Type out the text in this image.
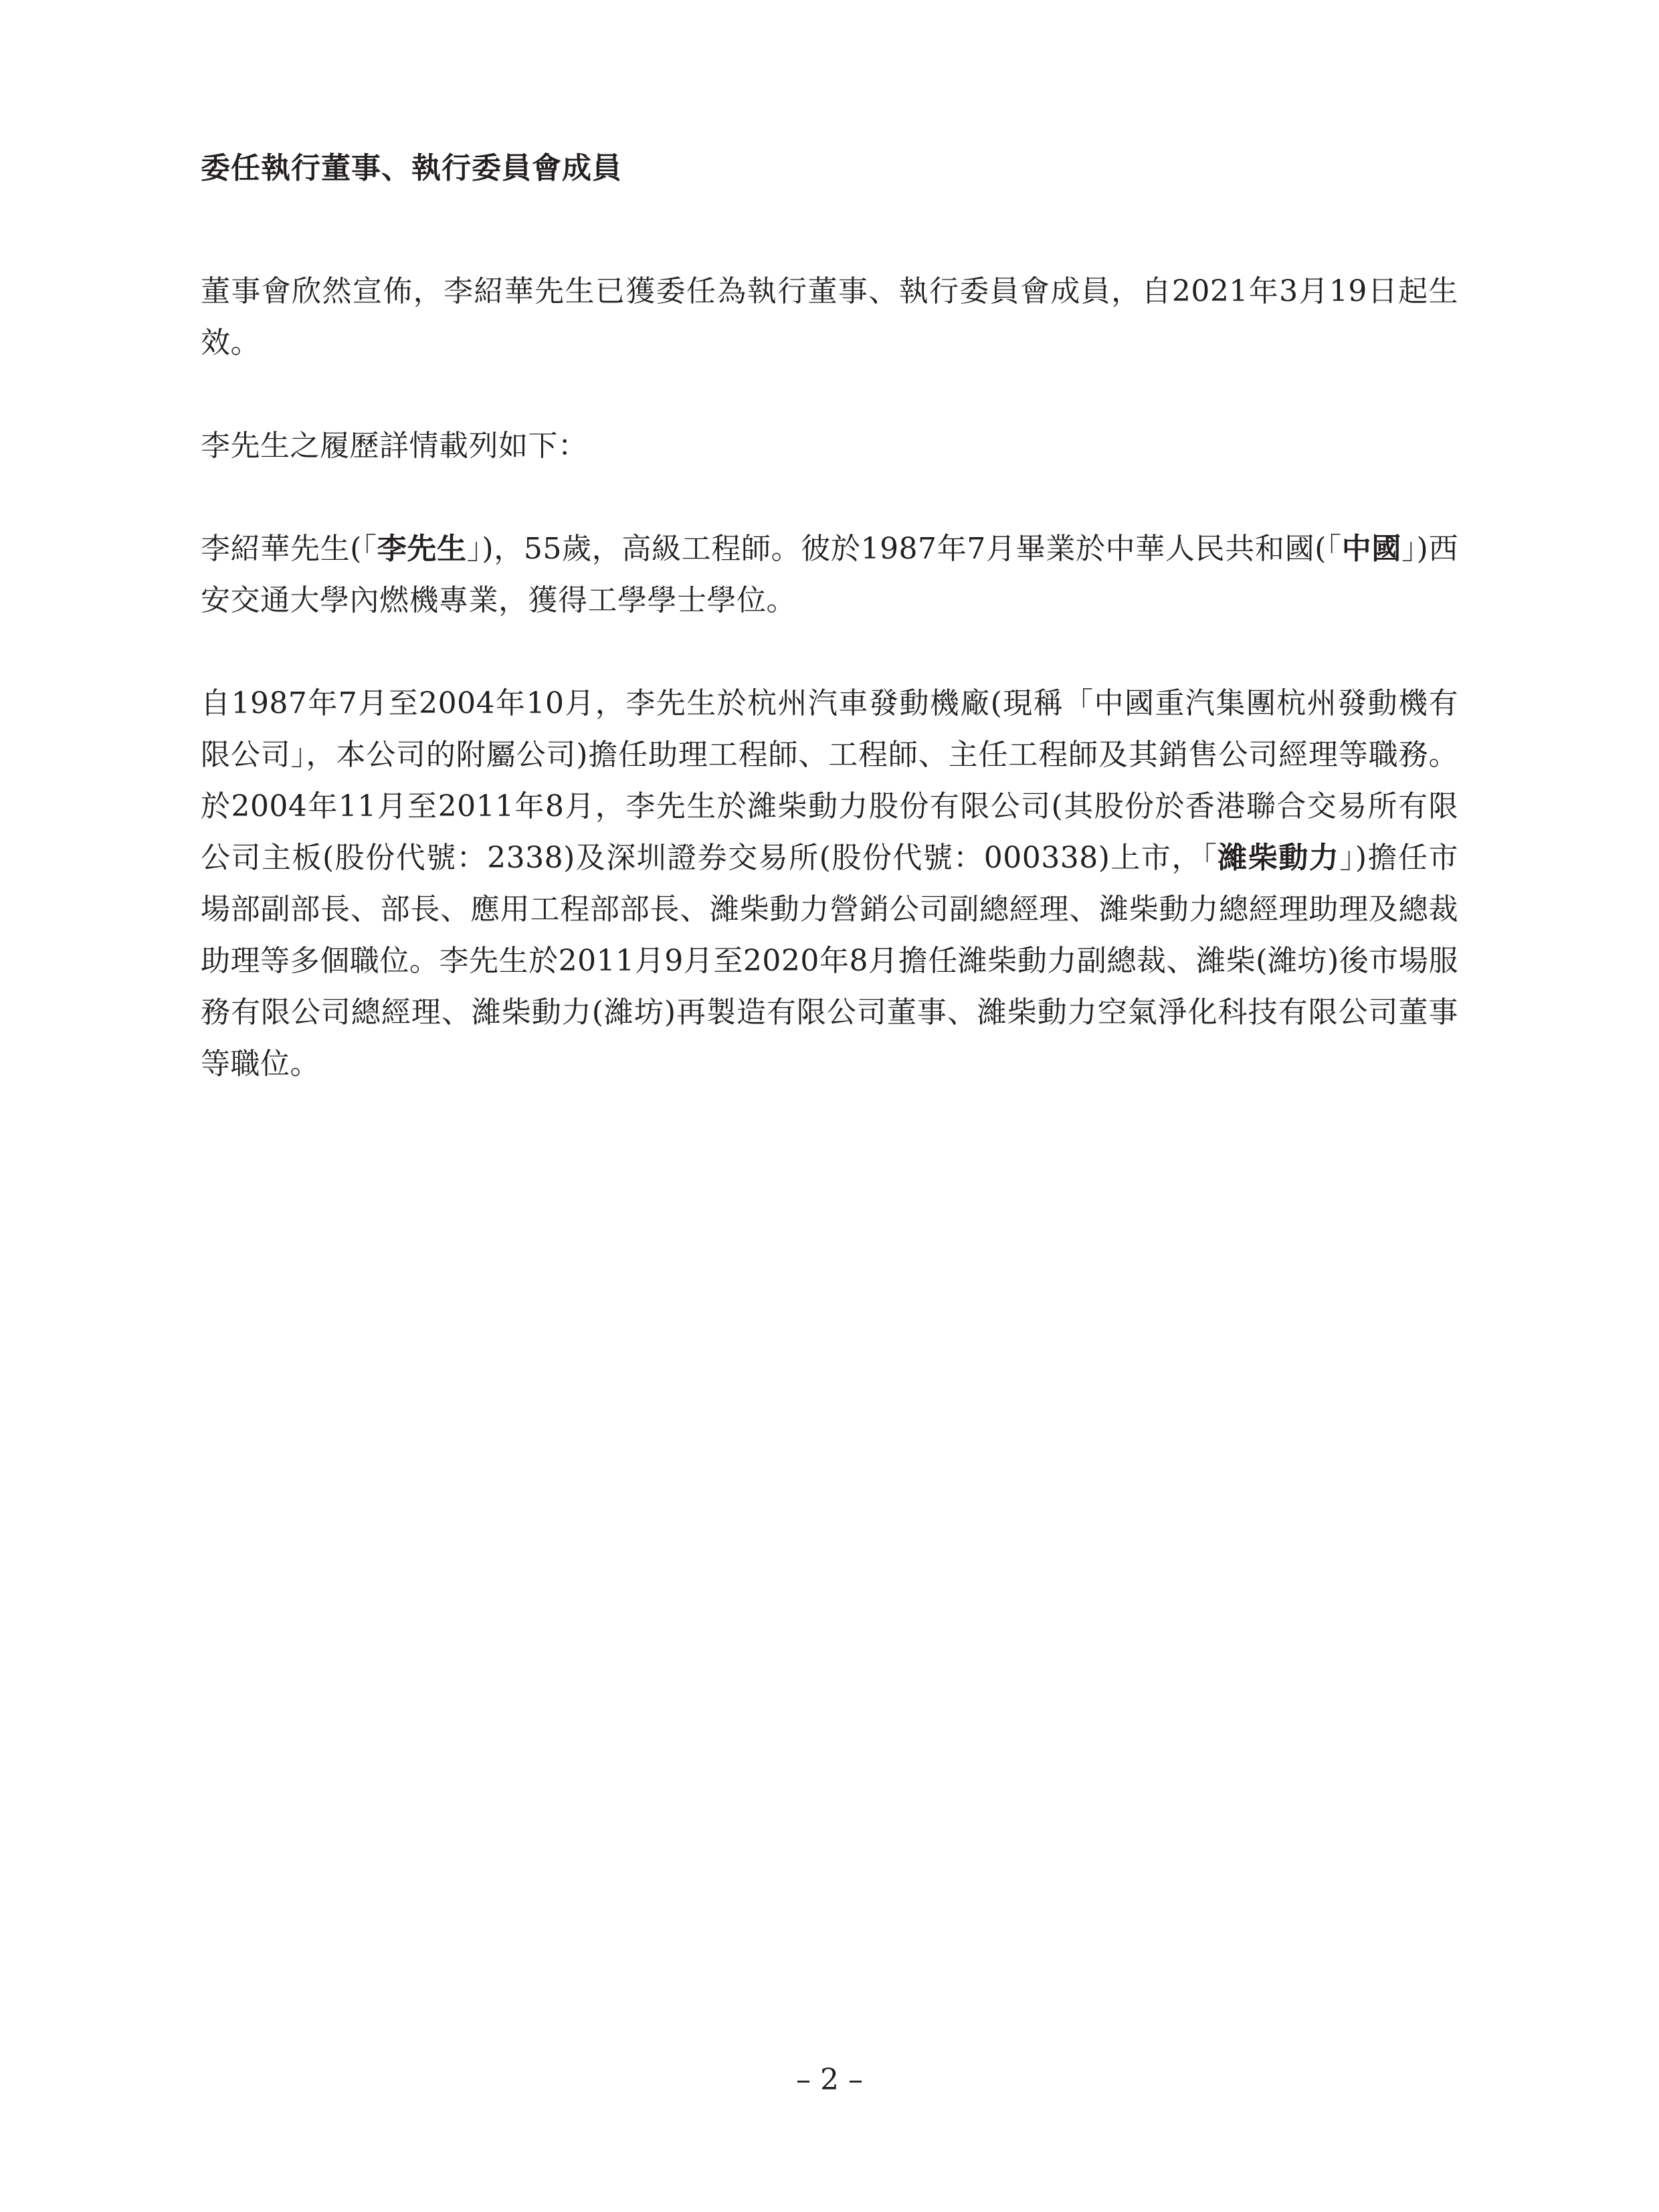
委任執行董事、執行委員會成員

董事會欣然宣佈，李紹華先生已獲委任為執行董事、執行委員會成員，自2021年3月19日起生效。

李先生之履歷詳情載列如下：

李紹華先生(「李先生」)，55歲，高級工程師。彼於1987年7月畢業於中華人民共和國(「中國」)西安交通大學內燃機專業，獲得工學學士學位。

自1987年7月至2004年10月，李先生於杭州汽車發動機廠(現稱「中國重汽集團杭州發動機有限公司」，本公司的附屬公司)擔任助理工程師、工程師、主任工程師及其銷售公司經理等職務。於2004年11月至2011年8月，李先生於濰柴動力股份有限公司(其股份於香港聯合交易所有限公司主板(股份代號：2338)及深圳證券交易所(股份代號：000338)上市，「濰柴動力」)擔任市場部副部長、部長、應用工程部部長、濰柴動力營銷公司副總經理、濰柴動力總經理助理及總裁助理等多個職位。李先生於2011月9月至2020年8月擔任濰柴動力副總裁、濰柴(濰坊)後市場服務有限公司總經理、濰柴動力(濰坊)再製造有限公司董事、濰柴動力空氣淨化科技有限公司董事等職位。

– 2 –
